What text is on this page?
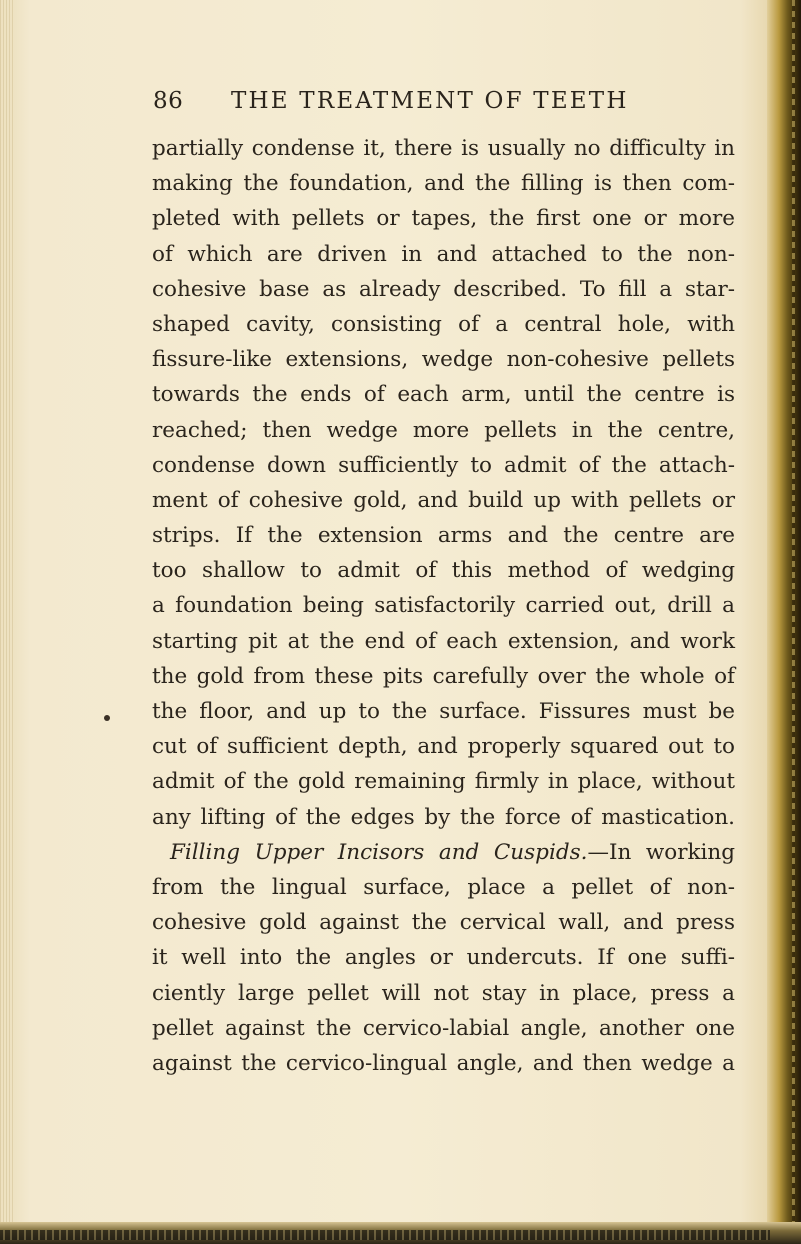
86 THE TREATMENT OF TEETH
partially condense it, there is usually no difficulty in
making the foundation, and the filling is then com-
pleted with pellets or tapes, the first one or more
of which are driven in and attached to the non-
cohesive base as already described. To fill a star-
shaped cavity, consisting of a central hole, with
fissure-like extensions, wedge non-cohesive pellets
towards the ends of each arm, until the centre is
reached; then wedge more pellets in the centre,
condense down sufficiently to admit of the attach-
ment of cohesive gold, and build up with pellets or
strips. If the extension arms and the centre are
too shallow to admit of this method of wedging
a foundation being satisfactorily carried out, drill a
starting pit at the end of each extension, and work
the gold from these pits carefully over the whole of
the floor, and up to the surface. Fissures must be
cut of sufficient depth, and properly squared out to
admit of the gold remaining firmly in place, without
any lifting of the edges by the force of mastication.
Filling Upper Incisors and Cuspids.—In working
from the lingual surface, place a pellet of non-
cohesive gold against the cervical wall, and press
it well into the angles or undercuts. If one suffi-
ciently large pellet will not stay in place, press a
pellet against the cervico-labial angle, another one
against the cervico-lingual angle, and then wedge a
